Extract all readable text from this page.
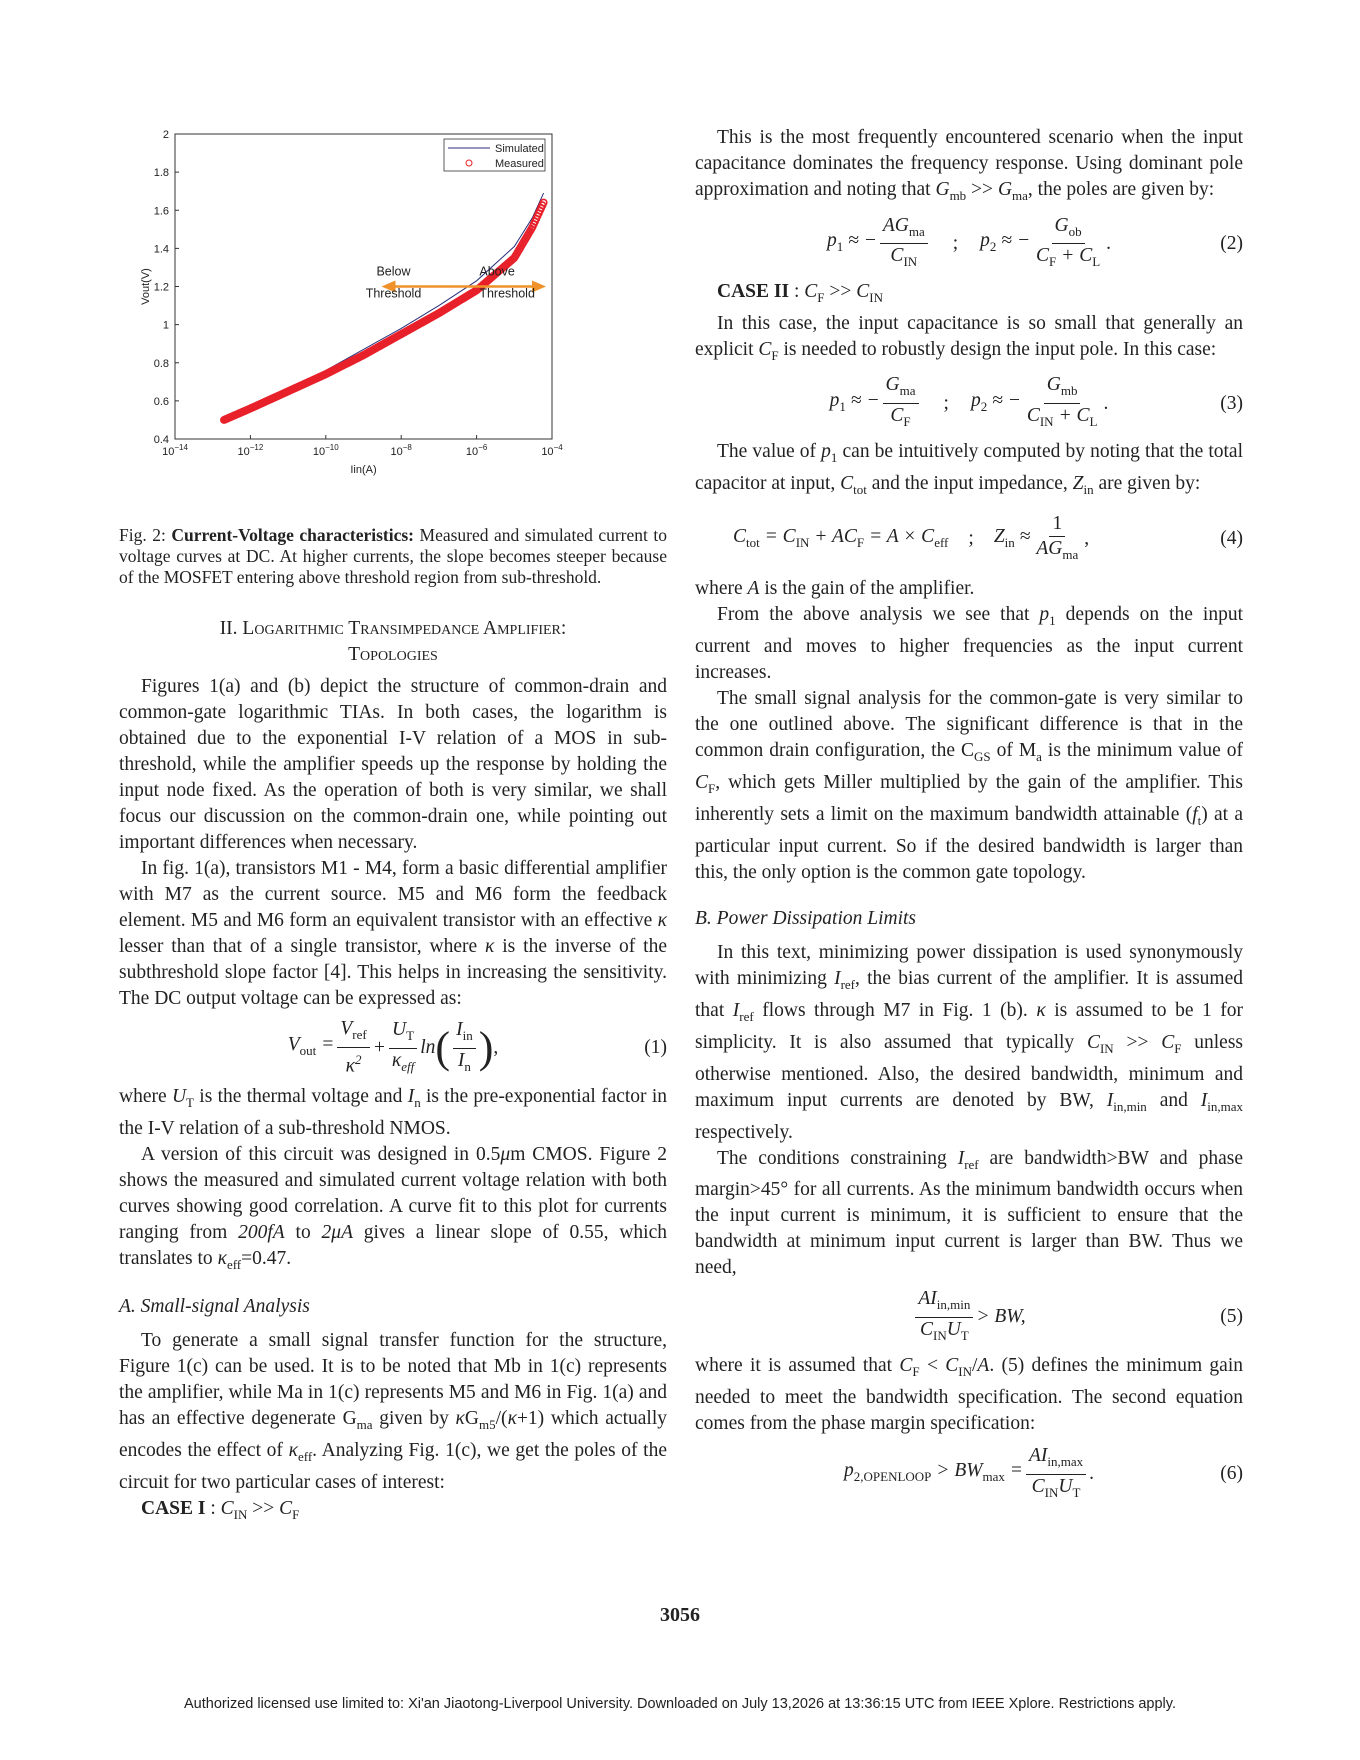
$10^{-14}$	$10^{-12}$	$10^{-10}$	$10^{-8}$	$10^{-6}$	$10^{-4}$
0.4
0.6
0.8
1
1.2
1.4
1.6
1.8
2
Iin(A)
Vout(V)	Below
Threshold
Above
Threshold
Simulated
Measured
Fig. 2: Current-Voltage characteristics: Measured and simulated current to voltage curves at DC. At higher currents, the slope becomes steeper because of the MOSFET entering above threshold region from sub-threshold.
II. Logarithmic Transimpedance Amplifier:
Topologies

Figures 1(a) and (b) depict the structure of common-drain and common-gate logarithmic TIAs. In both cases, the logarithm is obtained due to the exponential I-V relation of a MOS in sub-threshold, while the amplifier speeds up the response by holding the input node fixed. As the operation of both is very similar, we shall focus our discussion on the common-drain one, while pointing out important differences when necessary.

In fig. 1(a), transistors M1 - M4, form a basic differential amplifier with M7 as the current source. M5 and M6 form the feedback element. M5 and M6 form an equivalent transistor with an effective κ lesser than that of a single transistor, where κ is the inverse of the subthreshold slope factor [4]. This helps in increasing the sensitivity. The DC output voltage can be expressed as:

$V_{out} = \frac{V_{ref}}{\kappa^2} + \frac{U_T}{\kappa_{eff}}$ ln ( $\frac{I_{in}}{I_n}$ ) ,	(1)

where $U_T$ is the thermal voltage and $I_n$ is the pre-exponential factor in the I-V relation of a sub-threshold NMOS.

A version of this circuit was designed in 0.5μm CMOS. Figure 2 shows the measured and simulated current voltage relation with both curves showing good correlation. A curve fit to this plot for currents ranging from 200fA to 2μA gives a linear slope of 0.55, which translates to $\kappa_{eff}=0.47$.

A. Small-signal Analysis

To generate a small signal transfer function for the structure, Figure 1(c) can be used. It is to be noted that Mb in 1(c) represents the amplifier, while Ma in 1(c) represents M5 and M6 in Fig. 1(a) and has an effective degenerate $G_{ma}$ given by $\kappa G_{m5}/(\kappa+1)$ which actually encodes the effect of $\kappa_{eff}$. Analyzing Fig. 1(c), we get the poles of the circuit for two particular cases of interest:

CASE I : $C_{IN} >> C_F$

This is the most frequently encountered scenario when the input capacitance dominates the frequency response. Using dominant pole approximation and noting that $G_{mb} >> G_{ma}$, the poles are given by:

$p_1$ ≈ − $\frac{AG_{ma}}{C_{IN}}$ ; $p_2$ ≈ − $\frac{G_{ob}}{C_F + C_L}$ .	(2)

CASE II : $C_F >> C_{IN}$

In this case, the input capacitance is so small that generally an explicit $C_F$ is needed to robustly design the input pole. In this case:

$p_1$ ≈ − $\frac{G_{ma}}{C_F}$ ; $p_2$ ≈ − $\frac{G_{mb}}{C_{IN} + C_L}$ .	(3)

The value of $p_1$ can be intuitively computed by noting that the total capacitor at input, $C_{tot}$ and the input impedance, $Z_{in}$ are given by:

$C_{tot} = C_{IN} + AC_F = A \times C_{eff}$ ; $Z_{in} \approx \frac{1}{AG_{ma}}$ ,	(4)

where A is the gain of the amplifier.

From the above analysis we see that $p_1$ depends on the input current and moves to higher frequencies as the input current increases.

The small signal analysis for the common-gate is very similar to the one outlined above. The significant difference is that in the common drain configuration, the $C_{GS}$ of $M_a$ is the minimum value of $C_F$, which gets Miller multiplied by the gain of the amplifier. This inherently sets a limit on the maximum bandwidth attainable $(f_t)$ at a particular input current. So if the desired bandwidth is larger than this, the only option is the common gate topology.

B. Power Dissipation Limits

In this text, minimizing power dissipation is used synonymously with minimizing $I_{ref}$, the bias current of the amplifier. It is assumed that $I_{ref}$ flows through M7 in Fig. 1 (b). κ is assumed to be 1 for simplicity. It is also assumed that typically $C_{IN} >> C_F$ unless otherwise mentioned. Also, the desired bandwidth, minimum and maximum input currents are denoted by BW, $I_{in,min}$ and $I_{in,max}$ respectively.

The conditions constraining $I_{ref}$ are bandwidth>BW and phase margin>45° for all currents. As the minimum bandwidth occurs when the input current is minimum, it is sufficient to ensure that the bandwidth at minimum input current is larger than BW. Thus we need,

$\frac{AI_{in,min}}{C_{IN}U_T}$ > BW,	(5)

where it is assumed that $C_F < C_{IN}/A$. (5) defines the minimum gain needed to meet the bandwidth specification. The second equation comes from the phase margin specification:

$p_{2,OPENLOOP} > BW_{max} = \frac{AI_{in,max}}{C_{IN}U_T}$ .	(6)
3056
Authorized licensed use limited to: Xi'an Jiaotong-Liverpool University. Downloaded on July 13,2026 at 13:36:15 UTC from IEEE Xplore. Restrictions apply.
